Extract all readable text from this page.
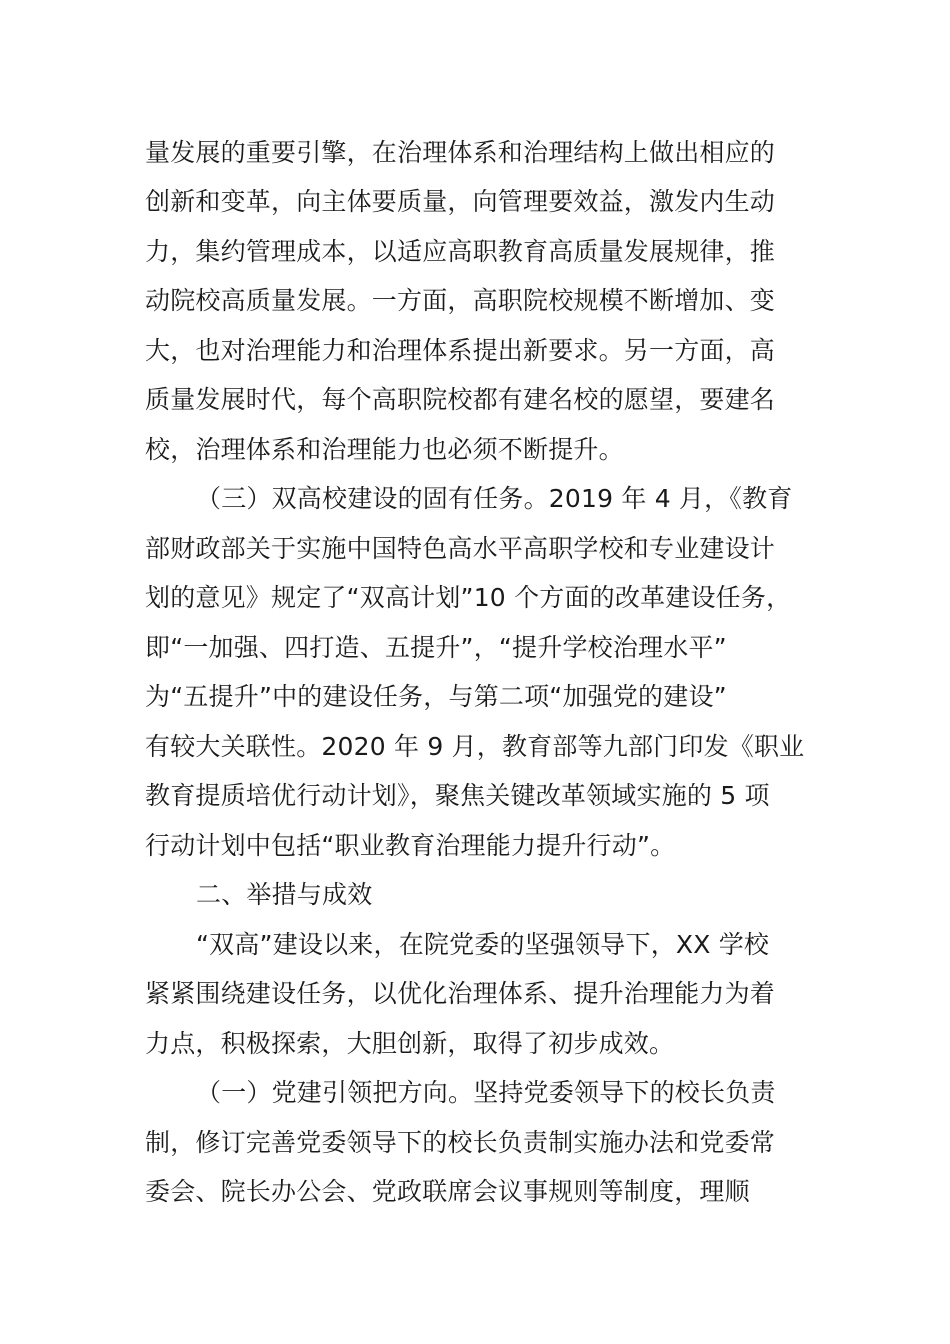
量发展的重要引擎，在治理体系和治理结构上做出相应的
创新和变革，向主体要质量，向管理要效益，激发内生动
力，集约管理成本，以适应高职教育高质量发展规律，推
动院校高质量发展。一方面，高职院校规模不断增加、变
大，也对治理能力和治理体系提出新要求。另一方面，高
质量发展时代，每个高职院校都有建名校的愿望，要建名
校，治理体系和治理能力也必须不断提升。
（三）双高校建设的固有任务。2019 年 4 月，《教育
部财政部关于实施中国特色高水平高职学校和专业建设计
划的意见》规定了“双高计划”10 个方面的改革建设任务，
即“一加强、四打造、五提升”，“提升学校治理水平”
为“五提升”中的建设任务，与第二项“加强党的建设”
有较大关联性。2020 年 9 月，教育部等九部门印发《职业
教育提质培优行动计划》，聚焦关键改革领域实施的 5 项
行动计划中包括“职业教育治理能力提升行动”。
二、举措与成效
“双高”建设以来，在院党委的坚强领导下，XX 学校
紧紧围绕建设任务，以优化治理体系、提升治理能力为着
力点，积极探索，大胆创新，取得了初步成效。
（一）党建引领把方向。坚持党委领导下的校长负责
制，修订完善党委领导下的校长负责制实施办法和党委常
委会、院长办公会、党政联席会议事规则等制度，理顺
